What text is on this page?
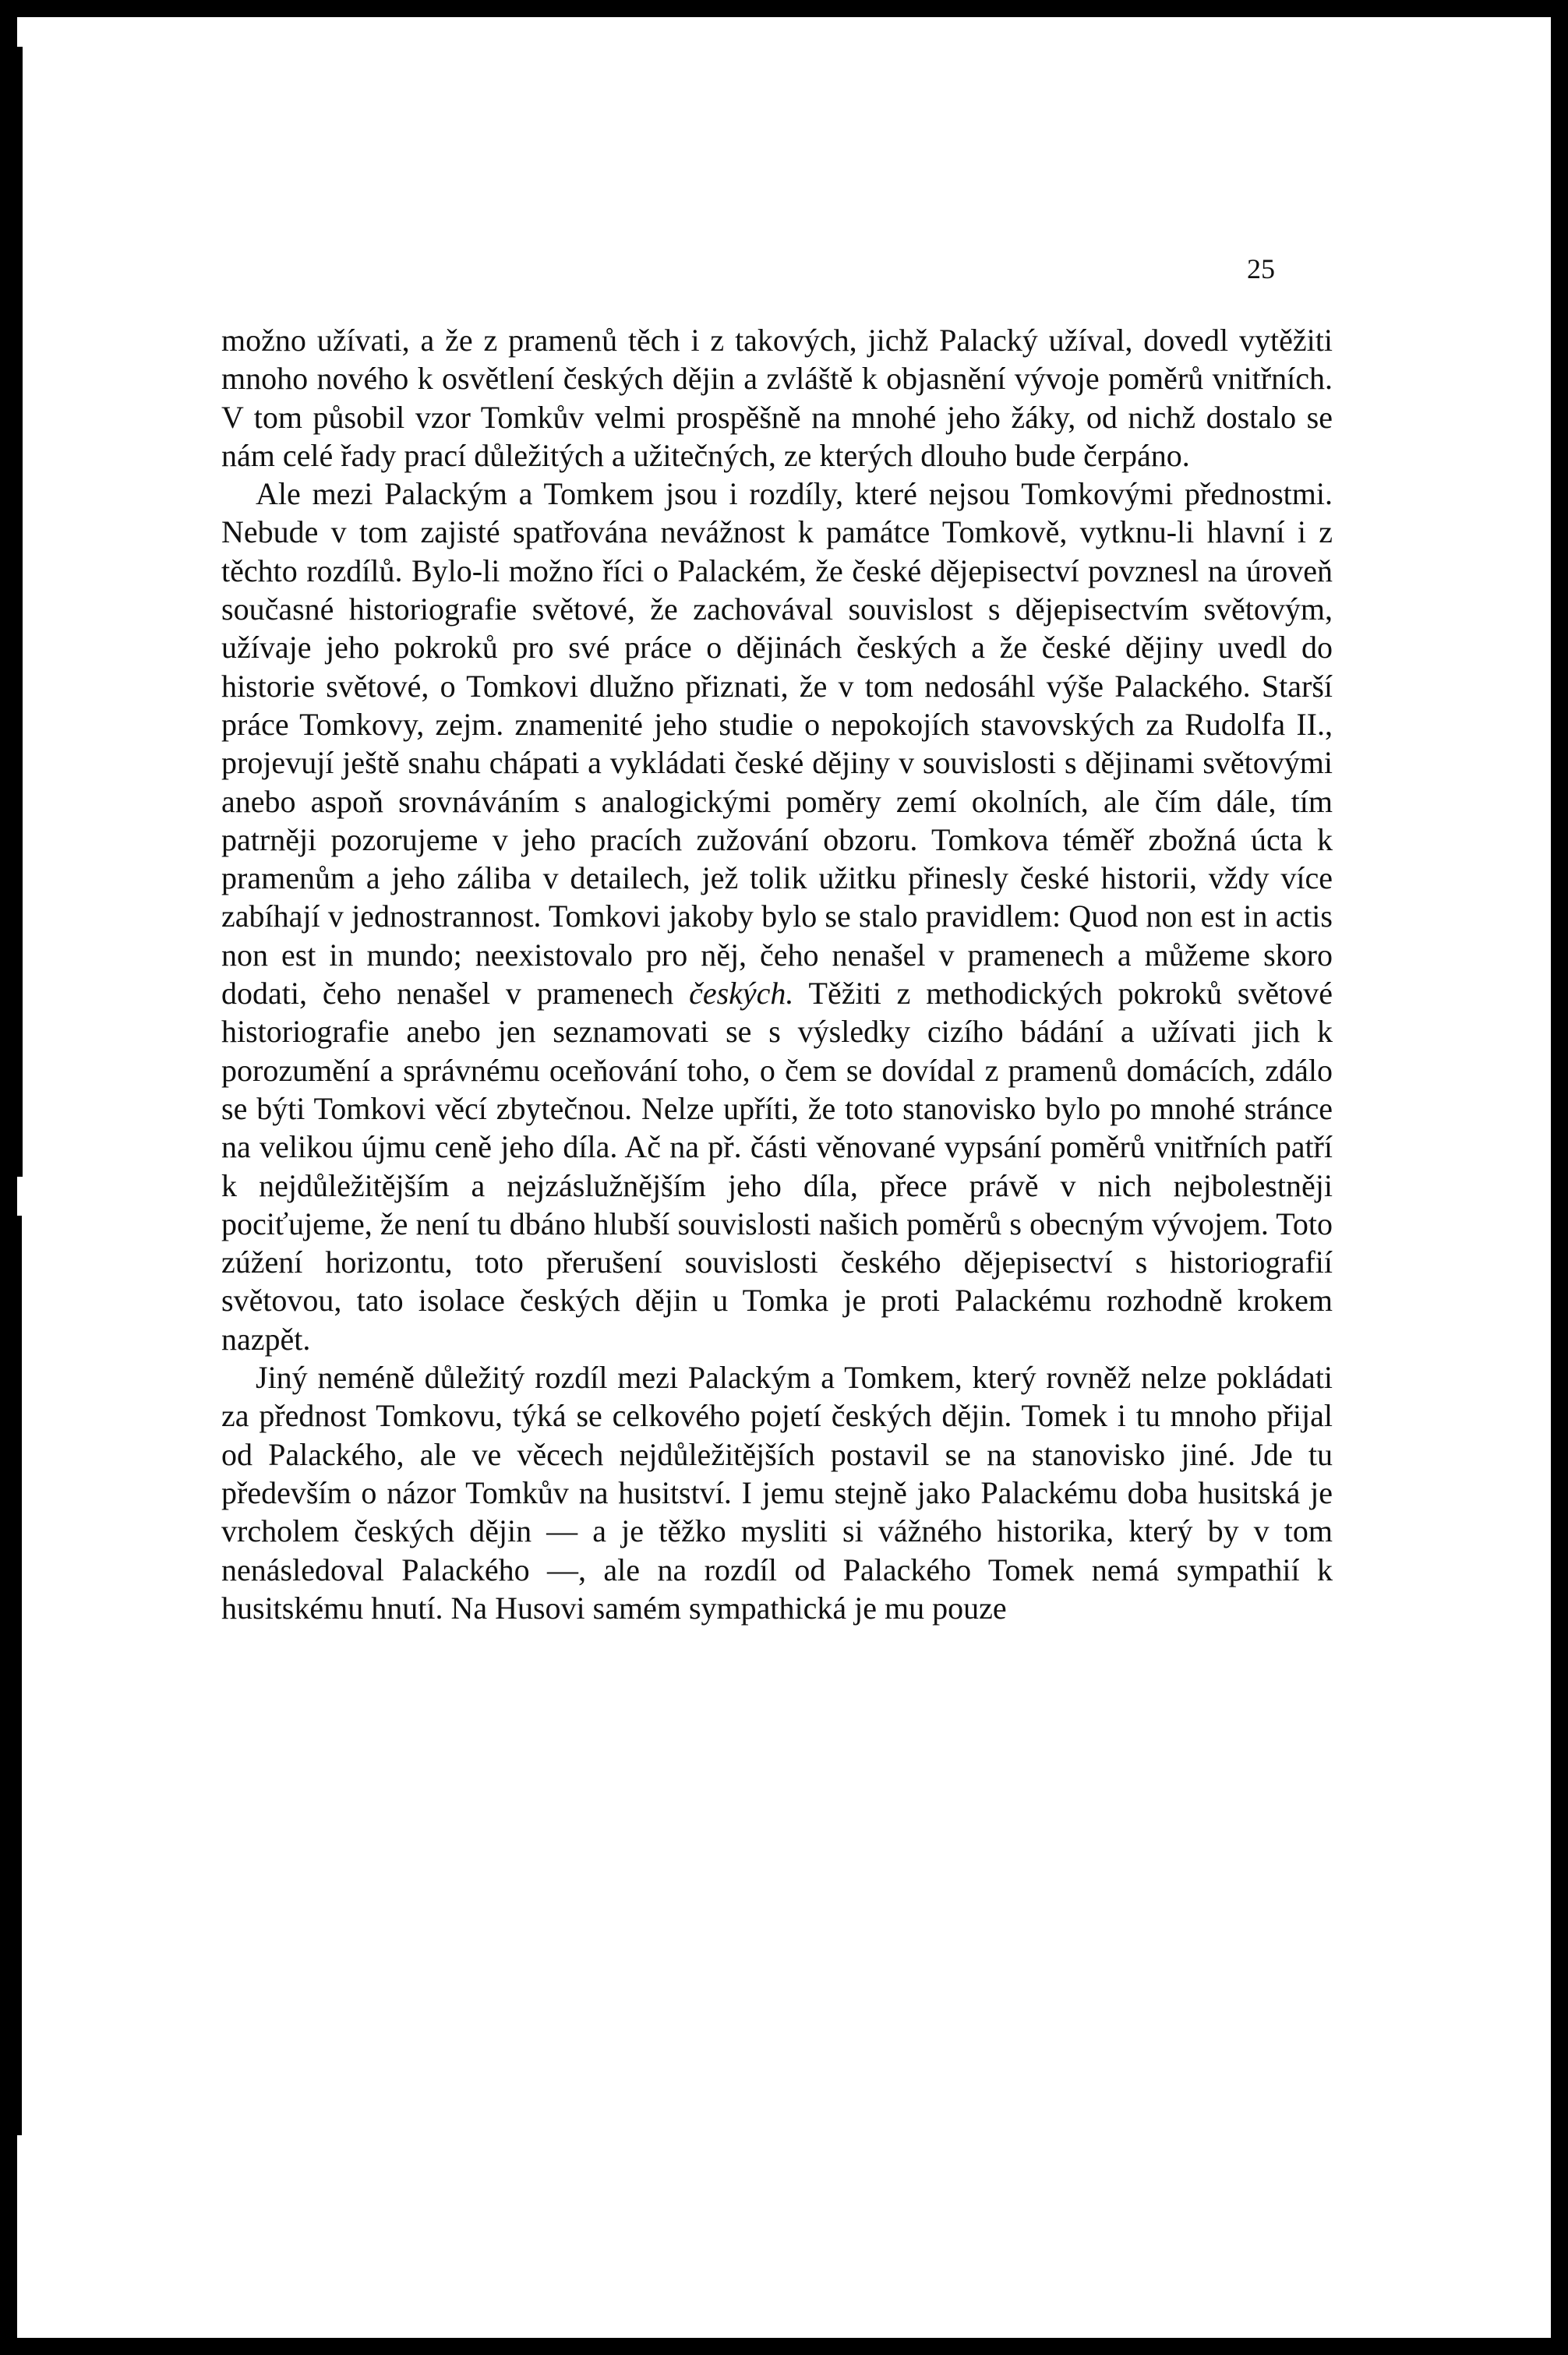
25

možno užívati, a že z pramenů těch i z takových, jichž Palacký užíval, dovedl vytěžiti mnoho nového k osvětlení českých dějin a zvláště k objasnění vývoje poměrů vnitřních. V tom působil vzor Tomkův velmi prospěšně na mnohé jeho žáky, od nichž dostalo se nám celé řady prací důležitých a užitečných, ze kterých dlouho bude čerpáno.

Ale mezi Palackým a Tomkem jsou i rozdíly, které nejsou Tomkovými přednostmi. Nebude v tom zajisté spatřována nevážnost k památce Tomkově, vytknu-li hlavní i z těchto rozdílů. Bylo-li možno říci o Palackém, že české dějepisectví povznesl na úroveň současné historiografie světové, že zachovával souvislost s dějepisectvím světovým, užívaje jeho pokroků pro své práce o dějinách českých a že české dějiny uvedl do historie světové, o Tomkovi dlužno přiznati, že v tom nedosáhl výše Palackého. Starší práce Tomkovy, zejm. znamenité jeho studie o nepokojích stavovských za Rudolfa II., projevují ještě snahu chápati a vykládati české dějiny v souvislosti s dějinami světovými anebo aspoň srovnáváním s analogickými poměry zemí okolních, ale čím dále, tím patrněji pozorujeme v jeho pracích zužování obzoru. Tomkova téměř zbožná úcta k pramenům a jeho záliba v detailech, jež tolik užitku přinesly české historii, vždy více zabíhají v jednostrannost. Tomkovi jakoby bylo se stalo pravidlem: Quod non est in actis non est in mundo; neexistovalo pro něj, čeho nenašel v pramenech a můžeme skoro dodati, čeho nenašel v pramenech českých. Těžiti z methodických pokroků světové historiografie anebo jen seznamovati se s výsledky cizího bádání a užívati jich k porozumění a správnému oceňování toho, o čem se dovídal z pramenů domácích, zdálo se býti Tomkovi věcí zbytečnou. Nelze upříti, že toto stanovisko bylo po mnohé stránce na velikou újmu ceně jeho díla. Ač na př. části věnované vypsání poměrů vnitřních patří k nejdůležitějším a nejzáslužnějším jeho díla, přece právě v nich nejbolestněji pociťujeme, že není tu dbáno hlubší souvislosti našich poměrů s obecným vývojem. Toto zúžení horizontu, toto přerušení souvislosti českého dějepisectví s historiografií světovou, tato isolace českých dějin u Tomka je proti Palackému rozhodně krokem nazpět.

Jiný neméně důležitý rozdíl mezi Palackým a Tomkem, který rovněž nelze pokládati za přednost Tomkovu, týká se celkového pojetí českých dějin. Tomek i tu mnoho přijal od Palackého, ale ve věcech nejdůležitějších postavil se na stanovisko jiné. Jde tu především o názor Tomkův na husitství. I jemu stejně jako Palackému doba husitská je vrcholem českých dějin — a je těžko mysliti si vážného historika, který by v tom nenásledoval Palackého —, ale na rozdíl od Palackého Tomek nemá sympathií k husitskému hnutí. Na Husovi samém sympathická je mu pouze
